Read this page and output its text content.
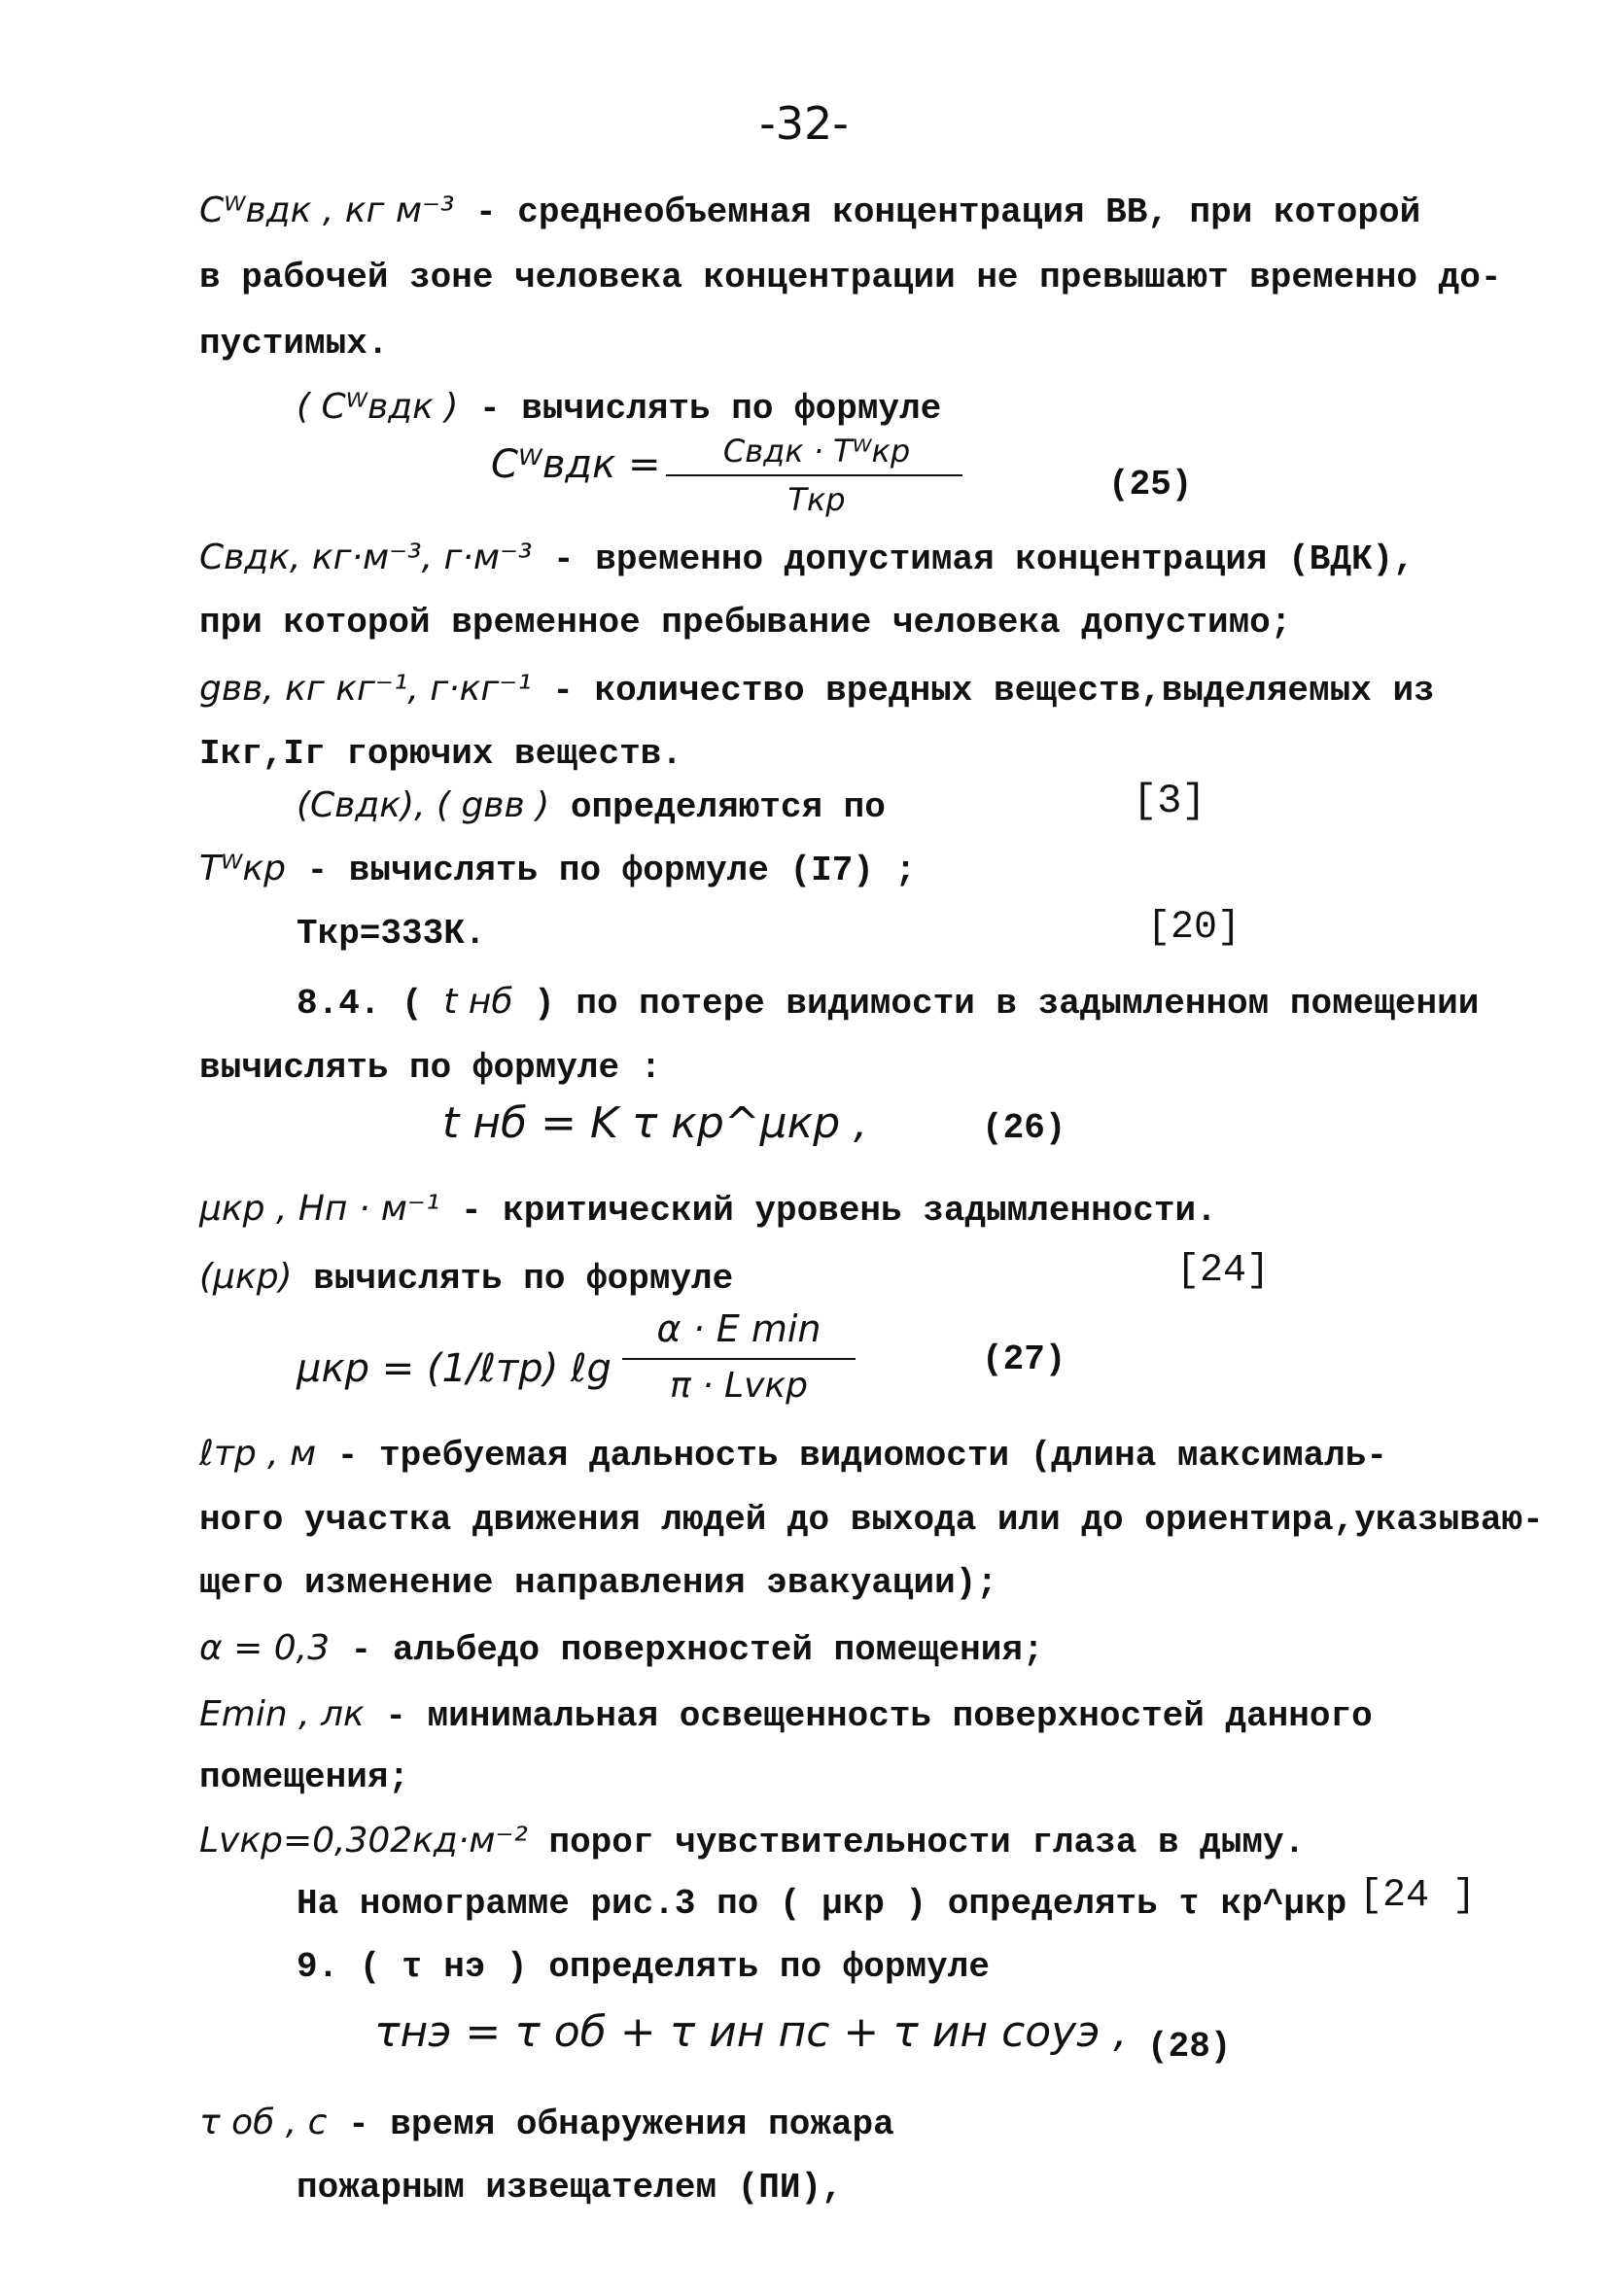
-32-
Cᵂвдк , кг м⁻³ - среднеобъемная концентрация ВВ, при которой
в рабочей зоне человека концентрации не превышают временно до-
пустимых.
( Cᵂвдк ) - вычислять по формуле
Cᵂвдк =	Cвдк · Tᵂкр
Tкр	(25)
Cвдк, кг·м⁻³, г·м⁻³ - временно допустимая концентрация (ВДК),
при которой временное пребывание человека допустимо;
gвв, кг кг⁻¹, г·кг⁻¹ - количество вредных веществ,выделяемых из
Iкг,Iг горючих веществ.
(Cвдк), ( gвв ) определяются по	[3]
Tᵂкр - вычислять по формуле (I7) ;
Ткр=333К.	[20]
8.4. ( t нб ) по потере видимости в задымленном помещении
вычислять по формуле :
t нб = K τ кр^μкр ,	(26)
μкр , Нп · м⁻¹ - критический уровень задымленности.
(μкр) вычислять по формуле	[24]
μкр = (1/ℓтр) ℓg
α · E min
π · Lvкр
(27)
ℓтр , м - требуемая дальность видиомости (длина максималь-
ного участка движения людей до выхода или до ориентира,указываю-
щего изменение направления эвакуации);
α = 0,3 - альбедо поверхностей помещения;
Emin , лк - минимальная освещенность поверхностей данного
помещения;
Lvкр=0,302кд·м⁻² порог чувствительности глаза в дыму.
На номограмме рис.3 по ( μкр ) определять τ кр^μкр [24 ]
9. ( τ нэ ) определять по формуле
τнэ = τ об + τ ин пс + τ ин соуэ , (28)
τ об , с - время обнаружения пожара
пожарным извещателем (ПИ),
